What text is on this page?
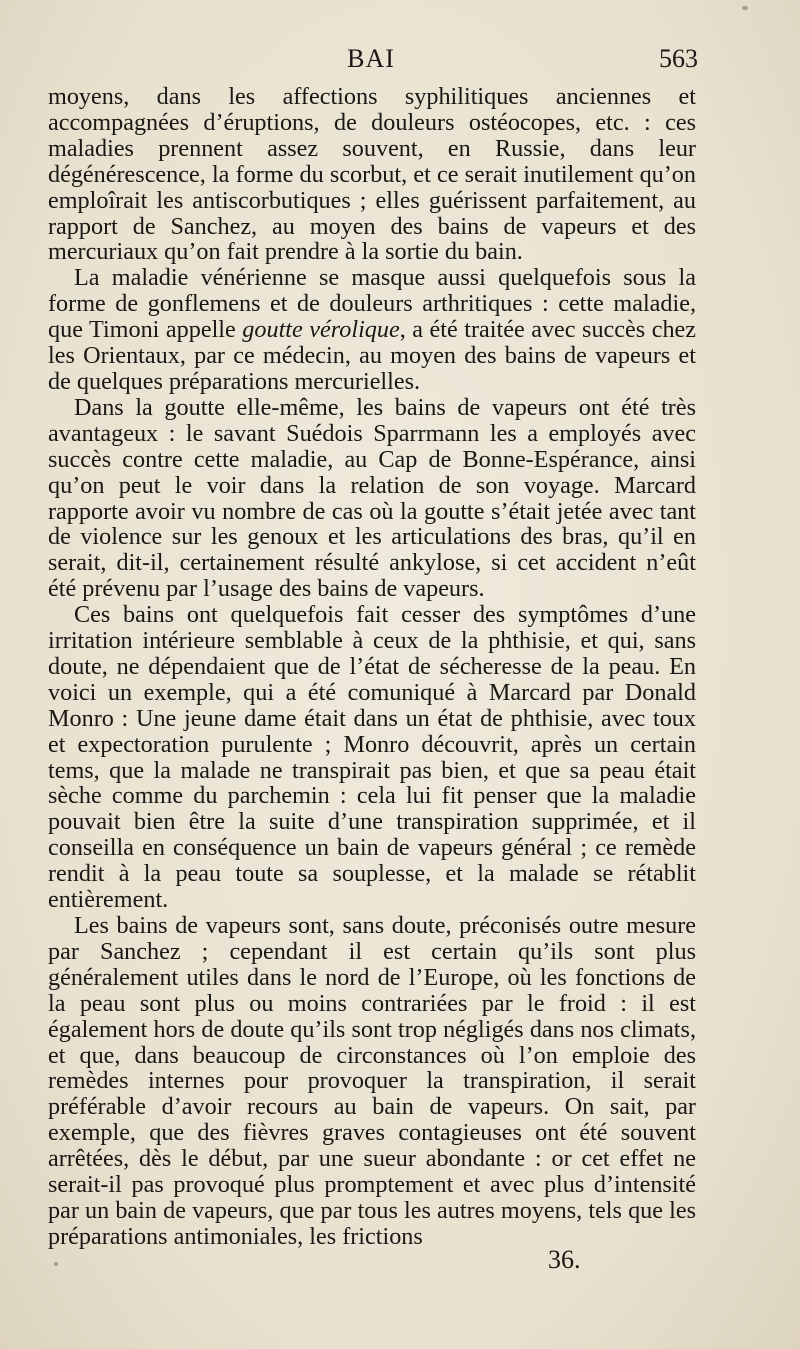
BAI	563

moyens, dans les affections syphilitiques anciennes et accompagnées d’éruptions, de douleurs ostéocopes, etc. : ces maladies prennent assez souvent, en Russie, dans leur dégénérescence, la forme du scorbut, et ce serait inutilement qu’on emploîrait les antiscorbutiques ; elles guérissent parfaitement, au rapport de Sanchez, au moyen des bains de vapeurs et des mercuriaux qu’on fait prendre à la sortie du bain.

La maladie vénérienne se masque aussi quelquefois sous la forme de gonflemens et de douleurs arthritiques : cette maladie, que Timoni appelle goutte vérolique, a été traitée avec succès chez les Orientaux, par ce médecin, au moyen des bains de vapeurs et de quelques préparations mercurielles.

Dans la goutte elle-même, les bains de vapeurs ont été très avantageux : le savant Suédois Sparrmann les a employés avec succès contre cette maladie, au Cap de Bonne-Espérance, ainsi qu’on peut le voir dans la relation de son voyage. Marcard rapporte avoir vu nombre de cas où la goutte s’était jetée avec tant de violence sur les genoux et les articulations des bras, qu’il en serait, dit-il, certainement résulté ankylose, si cet accident n’eût été prévenu par l’usage des bains de vapeurs.

Ces bains ont quelquefois fait cesser des symptômes d’une irritation intérieure semblable à ceux de la phthisie, et qui, sans doute, ne dépendaient que de l’état de sécheresse de la peau. En voici un exemple, qui a été comuniqué à Marcard par Donald Monro : Une jeune dame était dans un état de phthisie, avec toux et expectoration purulente ; Monro découvrit, après un certain tems, que la malade ne transpirait pas bien, et que sa peau était sèche comme du parchemin : cela lui fit penser que la maladie pouvait bien être la suite d’une transpiration supprimée, et il conseilla en conséquence un bain de vapeurs général ; ce remède rendit à la peau toute sa souplesse, et la malade se rétablit entièrement.

Les bains de vapeurs sont, sans doute, préconisés outre mesure par Sanchez ; cependant il est certain qu’ils sont plus généralement utiles dans le nord de l’Europe, où les fonctions de la peau sont plus ou moins contrariées par le froid : il est également hors de doute qu’ils sont trop négligés dans nos climats, et que, dans beaucoup de circonstances où l’on emploie des remèdes internes pour provoquer la transpiration, il serait préférable d’avoir recours au bain de vapeurs. On sait, par exemple, que des fièvres graves contagieuses ont été souvent arrêtées, dès le début, par une sueur abondante : or cet effet ne serait-il pas provoqué plus promptement et avec plus d’intensité par un bain de vapeurs, que par tous les autres moyens, tels que les préparations antimoniales, les frictions

36.
